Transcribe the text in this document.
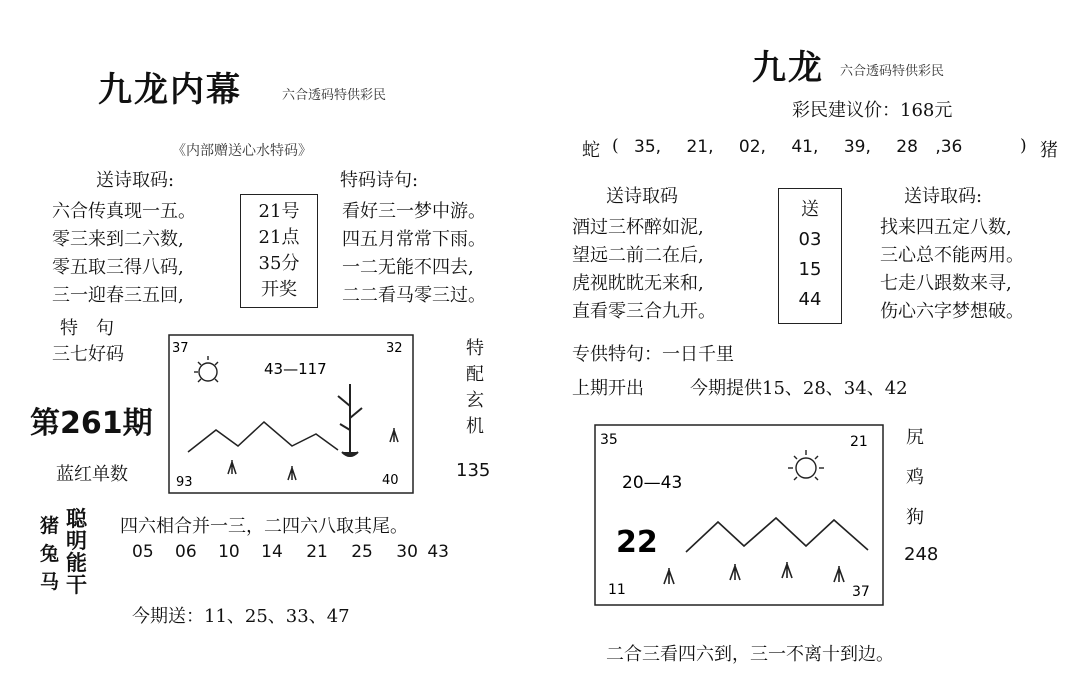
九龙内幕	六合透码特供彩民
《内部赠送心水特码》
送诗取码:
六合传真现一五。
零三来到二六数,
零五取三得八码,
三一迎春三五回,
21号
21点
35分
开奖
特码诗句:
看好三一梦中游。
四五月常常下雨。
一二无能不四去,
二二看马零三过。
特　句
三七好码
第261期
蓝红单数
37	32
93	40
43—117
特
配
玄
机
135
猪
兔
马
聪
明
能
干
四六相合并一三，二四六八取其尾。
05 06 10 14 21 25 30 43
今期送：11、25、33、47
九龙 六合透码特供彩民
彩民建议价：168元
蛇 ( 35, 21, 02, 41, 39, 28 ,36	) 猪
送诗取码
酒过三杯醉如泥,
望远二前二在后,
虎视眈眈无来和,
直看零三合九开。
送
03
15
44
送诗取码:
找来四五定八数,
三心总不能两用。
七走八跟数来寻,
伤心六字梦想破。
专供特句：一日千里
上期开出	今期提供15、28、34、42
35	21
11	37
20—43
22
尻
鸡
狗
248
二合三看四六到，三一不离十到边。
